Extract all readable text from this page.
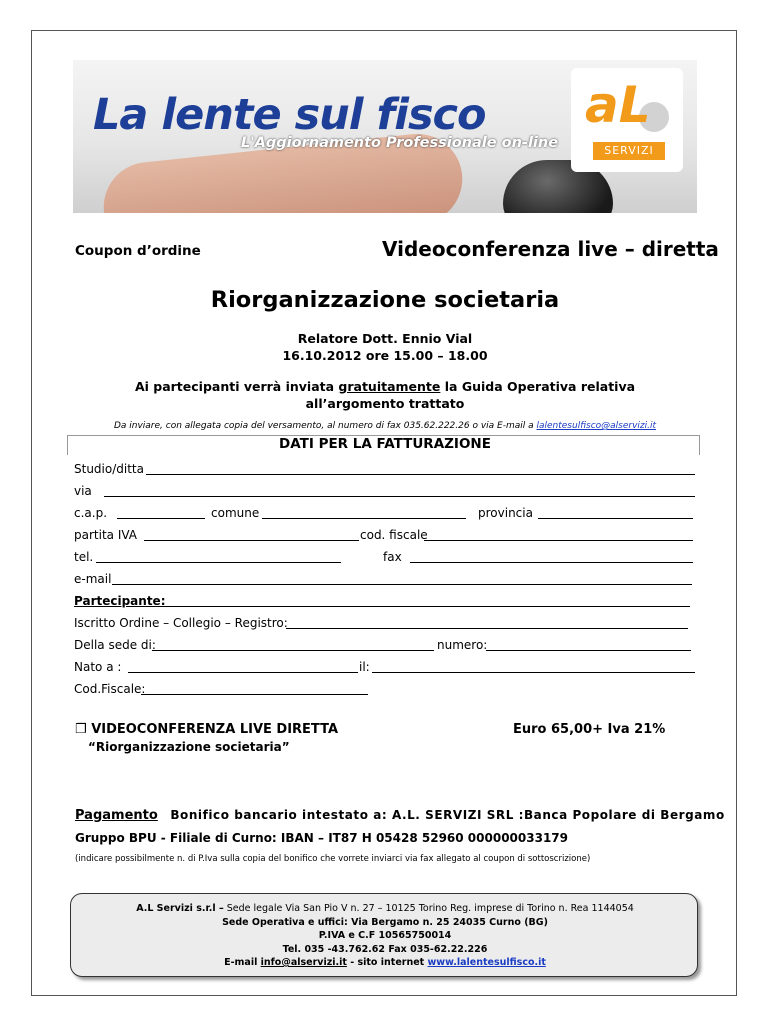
La lente sul fisco
L'Aggiornamento Professionale on-line
aL
SERVIZI
Coupon d’ordine	Videoconferenza live – diretta
Riorganizzazione societaria
Relatore Dott. Ennio Vial
16.10.2012 ore 15.00 – 18.00
Ai partecipanti verrà inviata gratuitamente la Guida Operativa relativa
all’argomento trattato
Da inviare, con allegata copia del versamento, al numero di fax 035.62.222.26 o via E-mail a lalentesulfisco@alservizi.it
DATI PER LA FATTURAZIONE
Studio/ditta
via
c.a.p.	comune	provincia
partita IVA	cod. fiscale
tel.	fax
e-mail
Partecipante:
Iscritto Ordine – Collegio – Registro:
Della sede di:	numero:
Nato a :	il:
Cod.Fiscale:
❒ VIDEOCONFERENZA LIVE DIRETTA	Euro 65,00+ Iva 21%
“Riorganizzazione societaria”
Pagamento Bonifico bancario intestato a: A.L. SERVIZI SRL :Banca Popolare di Bergamo
Gruppo BPU - Filiale di Curno: IBAN – IT87 H 05428 52960 000000033179
(indicare possibilmente n. di P.Iva sulla copia del bonifico che vorrete inviarci via fax allegato al coupon di sottoscrizione)
A.L Servizi s.r.l – Sede legale Via San Pio V n. 27 – 10125 Torino Reg. imprese di Torino n. Rea 1144054
Sede Operativa e uffici: Via Bergamo n. 25 24035 Curno (BG)
P.IVA e C.F 10565750014
Tel. 035 -43.762.62 Fax 035-62.22.226
E-mail info@alservizi.it - sito internet www.lalentesulfisco.it
